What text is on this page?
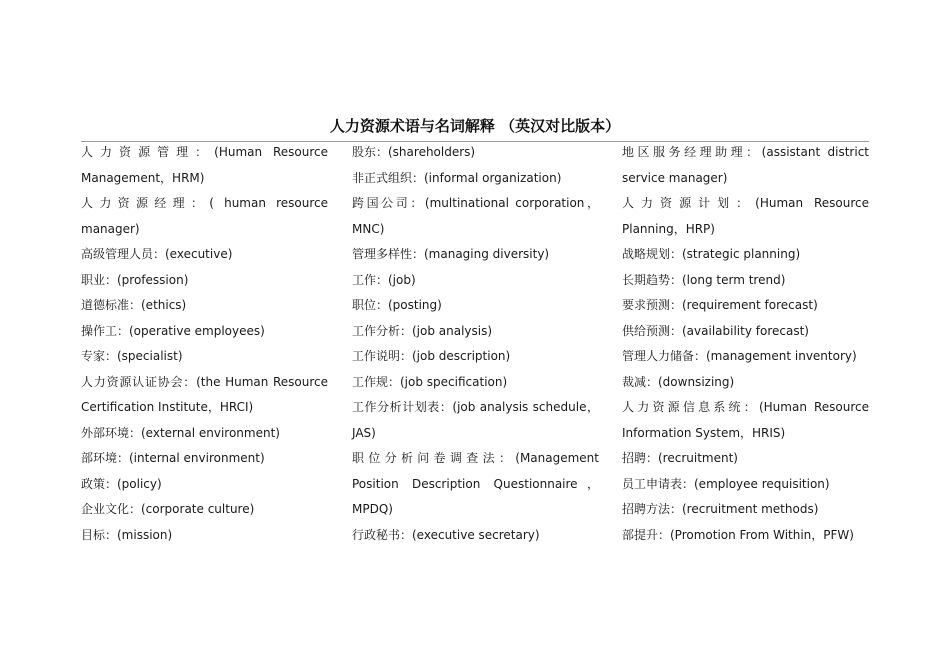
人力资源术语与名词解释 （英汉对比版本）

人力资源管理：(Human Resource Management，HRM)

人力资源经理：( human resource manager)

高级管理人员：(executive)

职业：(profession)

道德标准：(ethics)

操作工：(operative employees)

专家：(specialist)

人力资源认证协会：(the Human Resource Certification Institute，HRCI)

外部环境：(external environment)

部环境：(internal environment)

政策：(policy)

企业文化：(corporate culture)

目标：(mission)

股东：(shareholders)

非正式组织：(informal organization)

跨国公司：(multinational corporation，MNC)

管理多样性：(managing diversity)

工作：(job)

职位：(posting)

工作分析：(job analysis)

工作说明：(job description)

工作规：(job specification)

工作分析计划表：(job analysis schedule，JAS)

职位分析问卷调查法：(Management Position Description Questionnaire，MPDQ)

行政秘书：(executive secretary)

地区服务经理助理：(assistant district service manager)

人力资源计划：(Human Resource Planning，HRP)

战略规划：(strategic planning)

长期趋势：(long term trend)

要求预测：(requirement forecast)

供给预测：(availability forecast)

管理人力储备：(management inventory)

裁减：(downsizing)

人力资源信息系统：(Human Resource Information System，HRIS)

招聘：(recruitment)

员工申请表：(employee requisition)

招聘方法：(recruitment methods)

部提升：(Promotion From Within，PFW)
